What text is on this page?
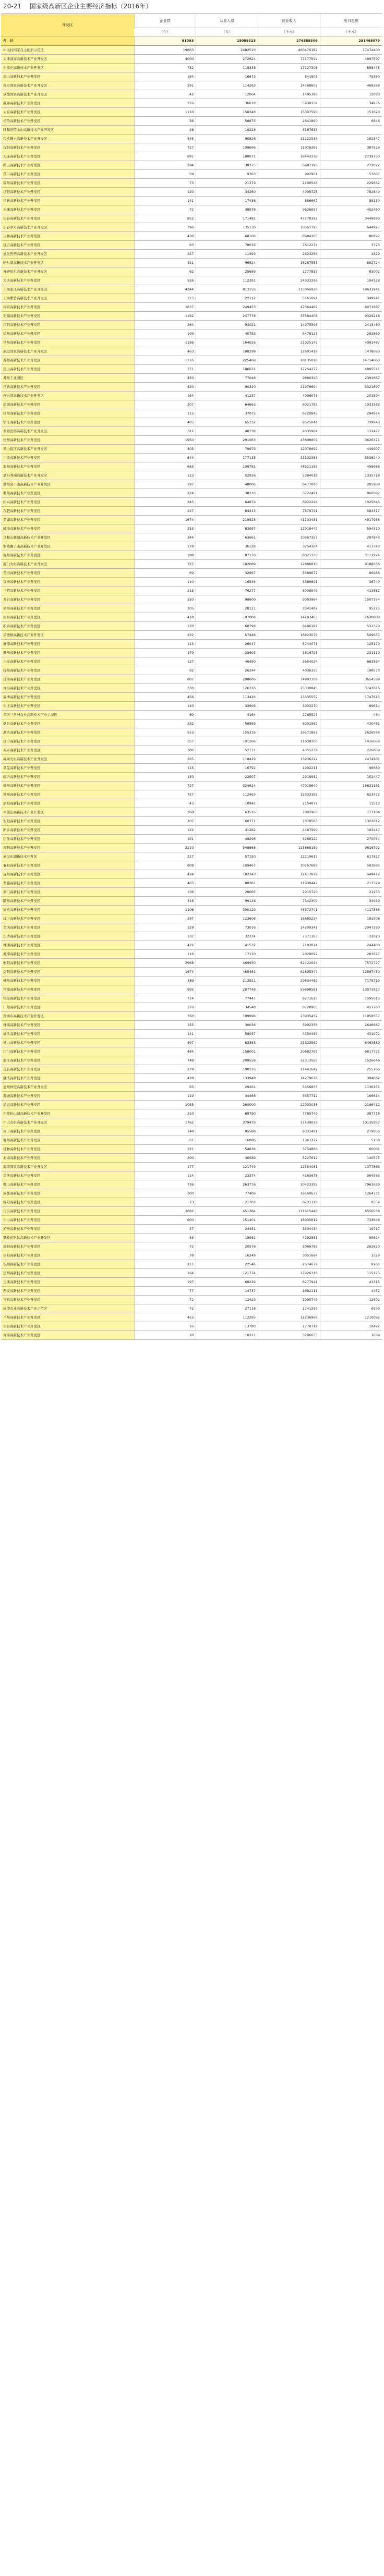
20-21 国家级高新区企业主要经济指标（2016年）
开发区	企业数	从业人员	营业收入	出口总额
	（个）	（人）	（千元）	（千元）
合　计	91093	18059323	276559306	291468079
中关村国家自主创新示范区	19863	2482510	460476182	17474400
天津滨海高新技术产业开发区	4000	272624	77177542	4897597
石家庄高新技术产业开发区	782	115335	17127308	858445
唐山高新技术产业开发区	184	16673	841803	79369
保定国家高新技术产业开发区	291	114263	14768607	468368
承德国家高新技术产业开发区	42	12064	1495398	12093
燕郊高新技术产业开发区	226	36018	5930134	34976
太原高新技术产业开发区	1110	158348	15307590	151620
长治高新技术产业开发区	56	58875	2641890	6846
呼和浩特金山高新技术产业开发区	26	19228	6367633	
包头稀土高新技术产业开发区	545	90826	11122936	182347
沈阳高新技术产业开发区	727	109696	11976367	387526
大连高新技术产业开发区	891	180671	18443378	2739750
鞍山高新技术产业开发区	284	38375	6687196	272022
营口高新技术产业开发区	59	9363	992901	57607
锦州高新技术产业开发区	73	21379	2106548	229652
辽阳高新技术产业开发区	120	34260	4008728	782849
阜新高新技术产业开发区	141	17436	886667	58130
本溪高新技术产业开发区	72	38978	9626657	452460
长春高新技术产业开发区	852	171482	47178192	3449889
长春净月高新技术产业开发区	796	135130	10561793	644927
吉林高新技术产业开发区	436	68106	8684105	80897
延吉高新技术产业开发区	63	78016	7612274	3723
通化医药高新技术产业开发区	227	11393	2623256	2829
哈尔滨高新技术产业开发区	321	96524	16287553	882724
齐齐哈尔高新技术产业开发区	62	25689	1277853	83002
大庆高新技术产业开发区	526	112391	24933296	194128
上海张江高新技术产业开发区	4244	813156	115046926	19631941
上海紫竹高新技术产业开发区	115	22112	5161691	349941
南京高新技术产业开发区	1637	249453	47064487	6071887
无锡高新技术产业开发区	1162	247778	33384408	9329216
江阴高新技术产业开发区	264	93021	14975396	2413460
徐州高新技术产业开发区	109	40783	8478123	292669
常州高新技术产业开发区	1186	164026	21025147	4091467
武进国家高新技术产业开发区	463	188299	12601418	1478690
苏州高新技术产业开发区	1176	225468	28135028	14714663
昆山高新技术产业开发区	771	186631	17254277	4805511
苏州工业园区	450	77048	9880340	2391667
常熟高新技术产业开发区	420	90320	21976694	3321697
连云港高新技术产业开发区	164	41237	4096076	201594
盐城高新技术产业开发区	207	64663	6021785	1031583
扬州高新技术产业开发区	115	37075	6720845	294974
镇江高新技术产业开发区	405	65232	9525041	739943
泰州医药高新技术产业开发区	312	48738	9335964	132477
杭州高新技术产业开发区	1950	291063	43898809	3626371
萧山临江高新技术产业开发区	403	78979	12078692	449907
宁波高新技术产业开发区	644	177135	31132383	3536240
温州高新技术产业开发区	683	108781	48521165	498686
嘉兴秀洲高新技术产业开发区	123	52936	5384018	1335718
湖州莫干山高新技术产业开发区	197	48006	6477080	285968
衢州高新技术产业开发区	224	38216	3722491	860082
绍兴高新技术产业开发区	245	64879	6922294	1025845
合肥高新技术产业开发区	227	64313	7879791	584317
芜湖高新技术产业开发区	1674	219528	41103481	4917938
蚌埠高新技术产业开发区	253	83957	12918447	594310
马鞍山慈湖高新技术产业开发区	344	63661	10567357	297843
铜陵狮子山高新技术产业开发区	178	36128	3254364	417343
福州高新技术产业开发区	188	87170	8021330	3111924
厦门火炬高新技术产业开发区	727	182089	22886810	9188636
莆田高新技术产业开发区	69	32867	3389677	96968
泉州高新技术产业开发区	110	16546	3389691	36740
三明高新技术产业开发区	213	76277	6008549	413882
龙岩高新技术产业开发区	350	98600	9093964	1507754
漳州高新技术产业开发区	205	28121	3341482	95225
南昌高新技术产业开发区	418	107008	24293463	2630809
新余高新技术产业开发区	170	68798	9496191	531379
景德镇高新技术产业开发区	232	57448	16823078	509637
鹰潭高新技术产业开发区	113	26047	5744071	125170
赣州高新技术产业开发区	179	23603	3516725	231110
吉安高新技术产业开发区	127	46490	3654024	663834
抚州高新技术产业开发区	92	26244	4036355	198570
济南高新技术产业开发区	807	208606	34993309	3654589
青岛高新技术产业开发区	330	126316	25330845	3743616
淄博高新技术产业开发区	456	113426	23335552	1747615
枣庄高新技术产业开发区	140	33908	3933270	89614
黄河三角洲农业高新技术产业示范区	60	4164	2765527	464
烟台高新技术产业开发区	282	59869	6001562	430461
潍坊高新技术产业开发区	553	155316	16571863	2626586
济宁高新技术产业开发区	357	101266	11638306	1416669
泰安高新技术产业开发区	306	52171	4355239	226869
威海火炬高新技术产业开发区	265	118429	13936222	2474901
莱芜高新技术产业开发区	115	16792	1902211	96660
临沂高新技术产业开发区	150	22507	2918982	152447
德州高新技术产业开发区	727	324624	47018640	18631161
郑州高新技术产业开发区	727	112463	15333162	623472
洛阳高新技术产业开发区	43	10942	2154877	11513
平顶山高新技术产业开发区	268	63516	7802960	173164
安阳高新技术产业开发区	207	60777	7078583	1322612
新乡高新技术产业开发区	122	41282	4487999	193417
焦作高新技术产业开发区	191	48298	3286122	270034
南阳高新技术产业开发区	3210	548668	113668150	9616792
武汉东湖新技术开发区	227	57150	12219617	617827
襄阳高新技术产业开发区	808	169467	30167689	593865
宜昌高新技术产业开发区	424	102343	12417879	449412
孝感高新技术产业开发区	465	88381	11930442	217329
荆门高新技术产业开发区	136	28065	2915720	21253
随州高新技术产业开发区	316	99126	7342309	34939
仙桃高新技术产业开发区	1106	390129	48372741	4117568
咸宁高新技术产业开发区	287	123608	18685234	181906
黄冈高新技术产业开发区	328	73016	14209341	2047290
长沙高新技术产业开发区	137	32314	7371163	32020
株洲高新技术产业开发区	422	41532	7102024	244400
湘潭高新技术产业开发区	116	17110	2029092	281617
衡阳高新技术产业开发区	2968	469930	82422094	7572727
益阳高新技术产业开发区	1674	485461	82605347	12567430
郴州高新技术产业开发区	389	213921	20834489	7179719
常德高新技术产业开发区	995	287748	59698581	13073827
怀化高新技术产业开发区	714	77447	9271615	1595015
广州高新技术产业开发区	176	34548	8728965	457763
深圳市高新技术产业开发区	760	199996	23935432	11858557
珠海高新技术产业开发区	155	30036	3992356	2646667
汕头高新技术产业开发区	141	58037	4330489	431972
佛山高新技术产业开发区	497	83363	25323562	6463889
江门高新技术产业开发区	484	158001	20682767	6817771
湛江高新技术产业开发区	748	209558	22313565	1526646
茂名高新技术产业开发区	279	100216	21441642	255266
肇庆高新技术产业开发区	478	133948	14279678	394682
惠州仲恺高新技术产业开发区	63	29261	5356853	1136151
源城高新技术产业开发区	119	34466	3657712	166614
清远高新技术产业开发区	1055	280000	22033036	2186412
东莞松山湖高新技术产业开发区	210	68790	7780749	387716
中山火炬高新技术产业开发区	1762	379479	37439029	10135957
南宁高新技术产业开发区	148	95588	9331491	279856
柳州高新技术产业开发区	61	16086	1367372	5258
桂林高新技术产业开发区	321	54836	3754866	60001
北海高新技术产业开发区	200	30589	5227612	140575
海南国家高新技术产业开发区	177	121749	12554081	1377863
重庆高新技术产业开发区	114	23374	4163678	364563
璧山高新技术产业开发区	736	263776	30423395	7961639
成都高新技术产业开发区	300	77409	19160637	1264731
绵阳高新技术产业开发区	73	21703	8731116	8554
自贡高新技术产业开发区	3682	451384	111615446	6550538
乐山高新技术产业开发区	600	151401	18035819	733646
泸州高新技术产业开发区	37	24451	3504434	19717
攀枝花钒钛高新技术产业开发区	83	15662	4292881	99624
德阳高新技术产业开发区	72	20576	3066785	262820
贵阳高新技术产业开发区	78	16249	3051694	1529
安顺高新技术产业开发区	211	22546	2674679	8261
昆明高新技术产业开发区	164	121774	17926316	115125
玉溪高新技术产业开发区	197	68239	8277941	41315
西安高新技术产业开发区	77	14737	1682111	4452
宝鸡高新技术产业开发区	72	13429	1990749	12502
杨凌农业高新技术产业示范区	72	27118	1741259	6599
兰州高新技术产业开发区	455	112285	12236968	1210092
白银高新技术产业开发区	16	13780	2778719	10422
青海高新技术产业开发区	20	10211	3206653	1639
